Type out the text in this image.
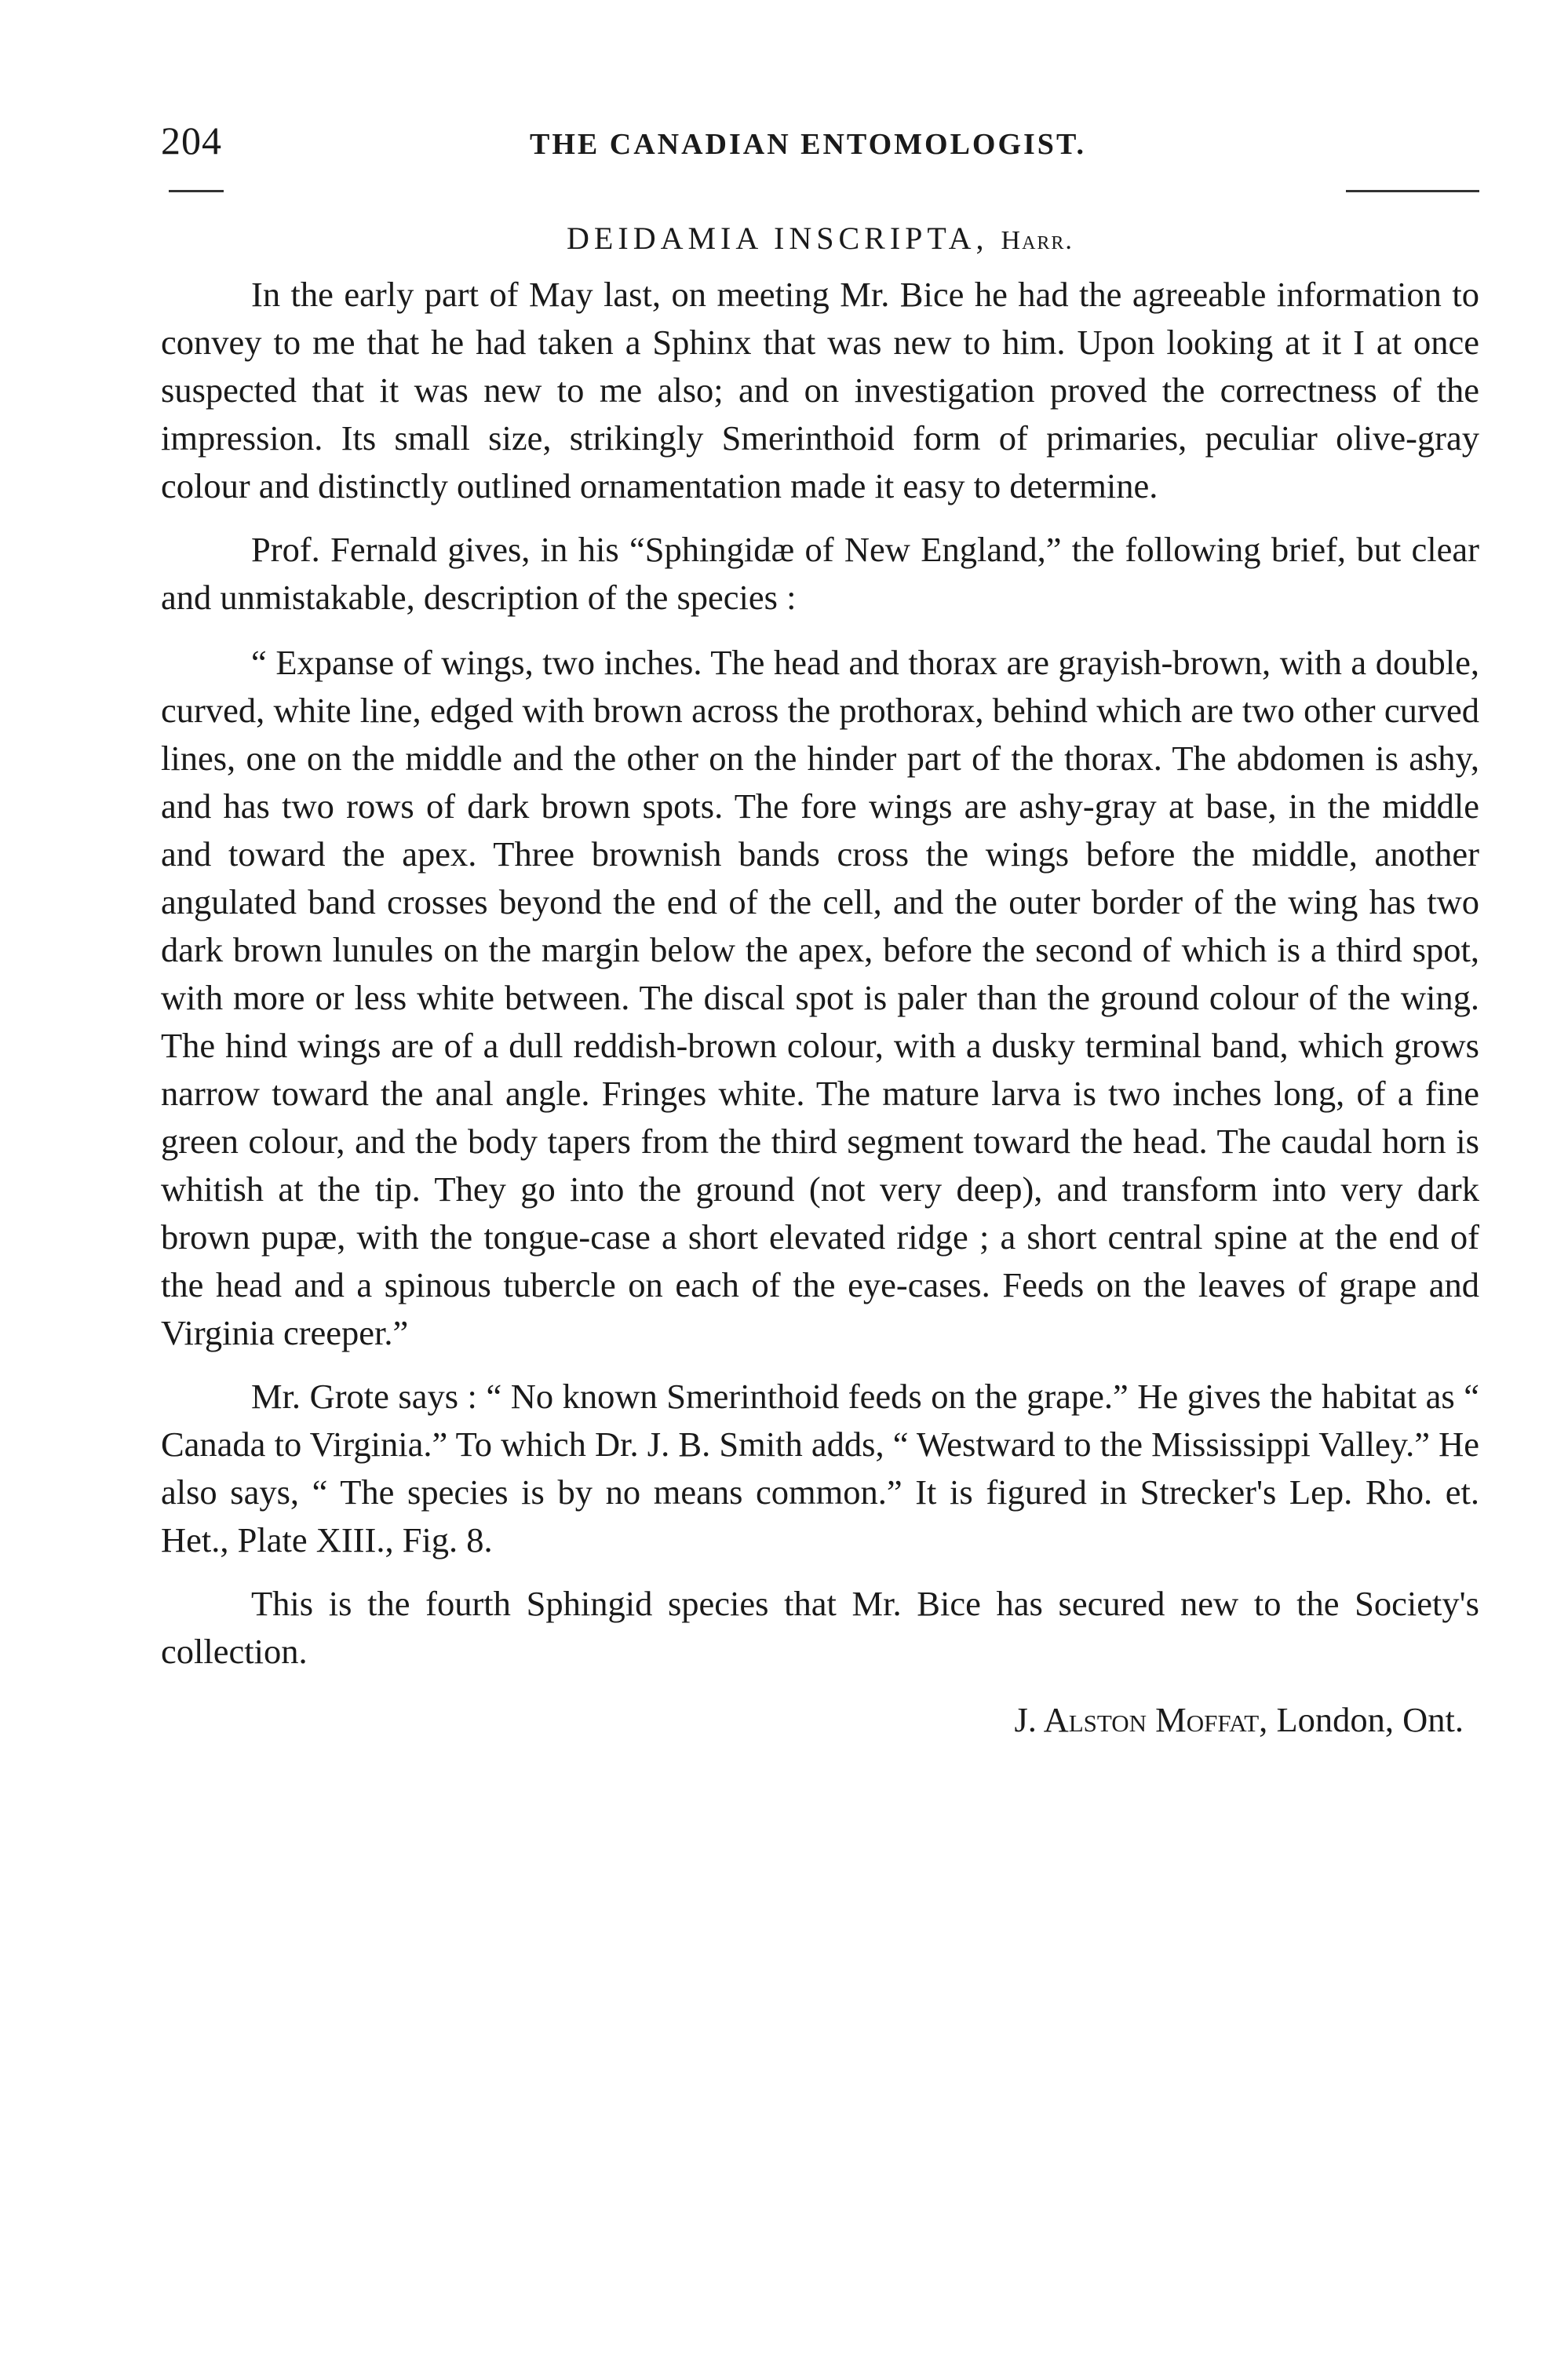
204	THE CANADIAN ENTOMOLOGIST.
DEIDAMIA INSCRIPTA, Harr.

In the early part of May last, on meeting Mr. Bice he had the agreeable information to convey to me that he had taken a Sphinx that was new to him. Upon looking at it I at once suspected that it was new to me also; and on investigation proved the correctness of the impression. Its small size, strikingly Smerinthoid form of primaries, peculiar olive-gray colour and distinctly outlined ornamentation made it easy to determine.

Prof. Fernald gives, in his “Sphingidæ of New England,” the following brief, but clear and unmistakable, description of the species :

“ Expanse of wings, two inches. The head and thorax are grayish-brown, with a double, curved, white line, edged with brown across the prothorax, behind which are two other curved lines, one on the middle and the other on the hinder part of the thorax. The abdomen is ashy, and has two rows of dark brown spots. The fore wings are ashy-gray at base, in the middle and toward the apex. Three brownish bands cross the wings before the middle, another angulated band crosses beyond the end of the cell, and the outer border of the wing has two dark brown lunules on the margin below the apex, before the second of which is a third spot, with more or less white between. The discal spot is paler than the ground colour of the wing. The hind wings are of a dull reddish-brown colour, with a dusky terminal band, which grows narrow toward the anal angle. Fringes white. The mature larva is two inches long, of a fine green colour, and the body tapers from the third segment toward the head. The caudal horn is whitish at the tip. They go into the ground (not very deep), and transform into very dark brown pupæ, with the tongue-case a short elevated ridge ; a short central spine at the end of the head and a spinous tubercle on each of the eye-cases. Feeds on the leaves of grape and Virginia creeper.”

Mr. Grote says : “ No known Smerinthoid feeds on the grape.” He gives the habitat as “ Canada to Virginia.” To which Dr. J. B. Smith adds, “ Westward to the Mississippi Valley.” He also says, “ The species is by no means common.” It is figured in Strecker's Lep. Rho. et. Het., Plate XIII., Fig. 8.

This is the fourth Sphingid species that Mr. Bice has secured new to the Society's collection.

J. Alston Moffat, London, Ont.
